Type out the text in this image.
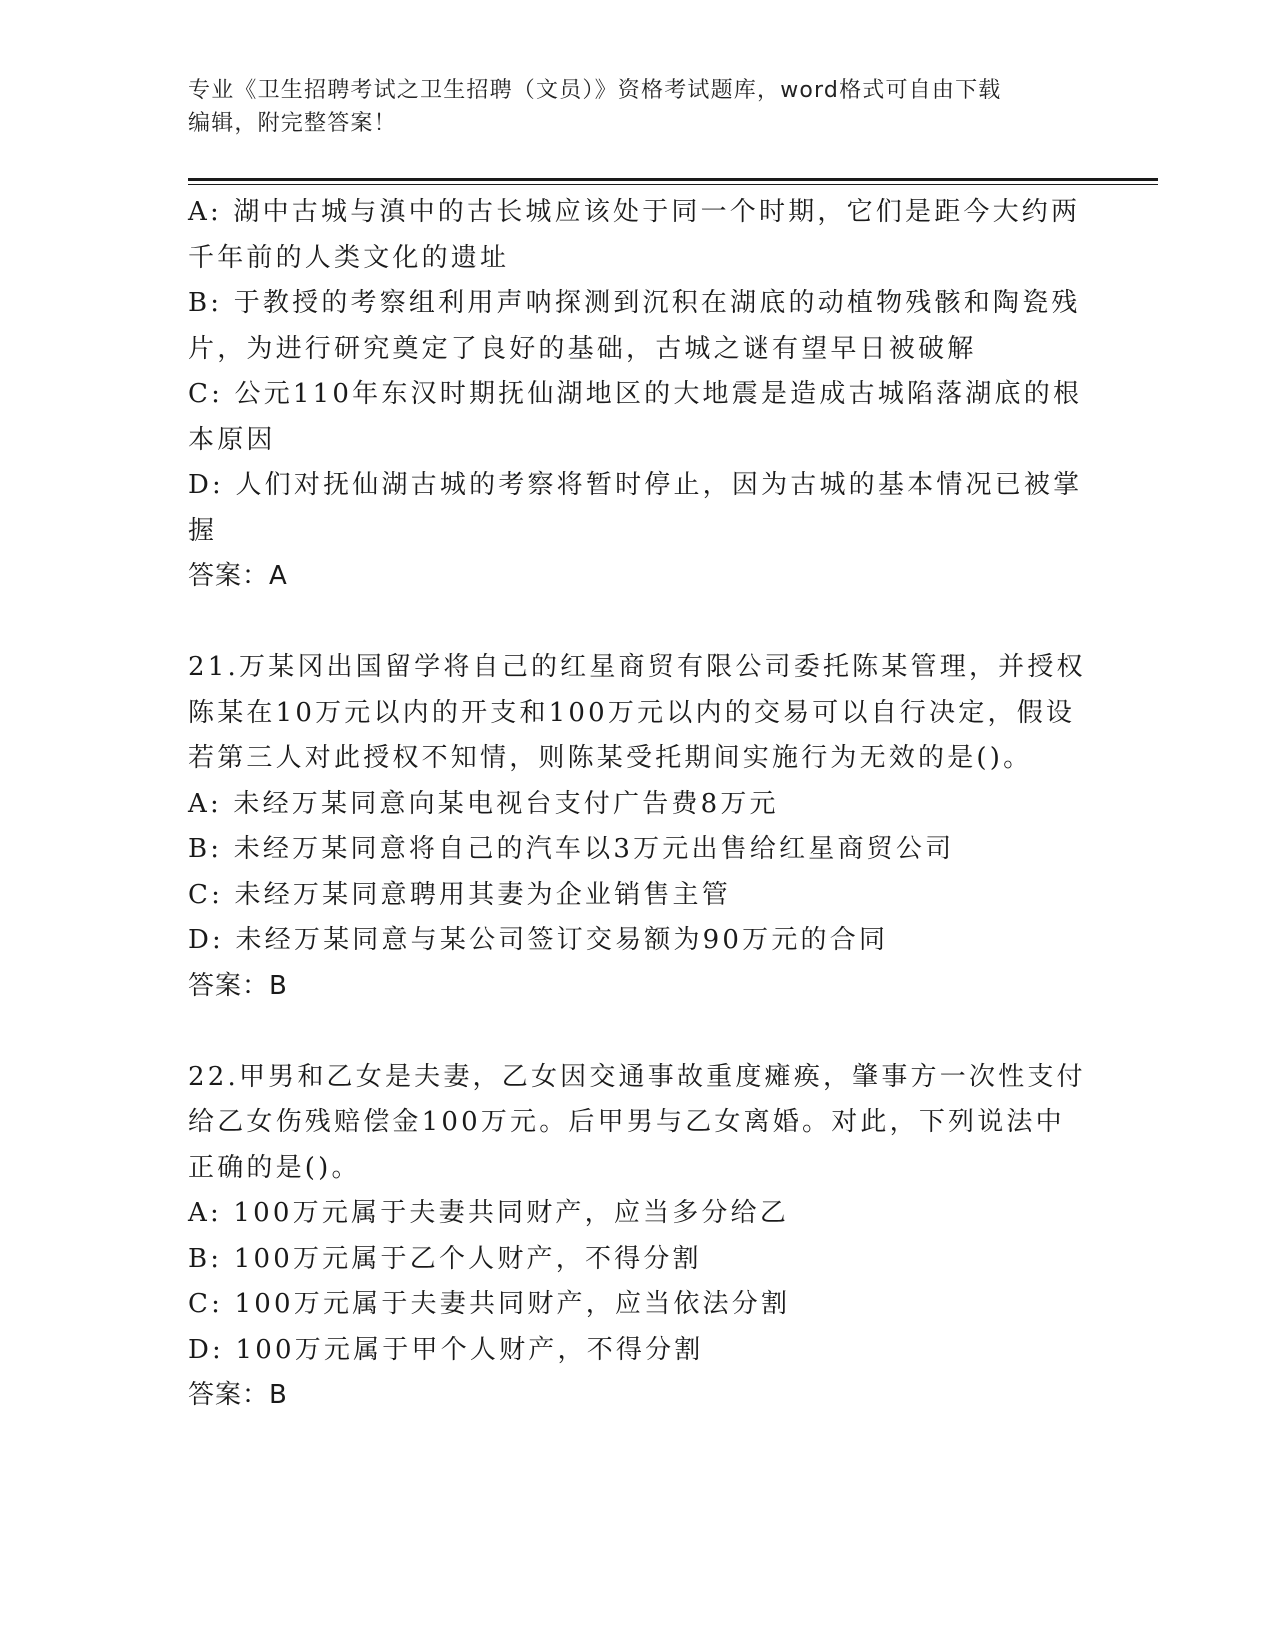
专业《卫生招聘考试之卫生招聘（文员）》资格考试题库，word格式可自由下载
编辑，附完整答案！
A: 湖中古城与滇中的古长城应该处于同一个时期，它们是距今大约两
千年前的人类文化的遗址
B: 于教授的考察组利用声呐探测到沉积在湖底的动植物残骸和陶瓷残
片，为进行研究奠定了良好的基础，古城之谜有望早日被破解
C: 公元110年东汉时期抚仙湖地区的大地震是造成古城陷落湖底的根
本原因
D: 人们对抚仙湖古城的考察将暂时停止，因为古城的基本情况已被掌
握
答案：A
21.万某冈出国留学将自己的红星商贸有限公司委托陈某管理，并授权
陈某在10万元以内的开支和100万元以内的交易可以自行决定，假设
若第三人对此授权不知情，则陈某受托期间实施行为无效的是()。
A: 未经万某同意向某电视台支付广告费8万元
B: 未经万某同意将自己的汽车以3万元出售给红星商贸公司
C: 未经万某同意聘用其妻为企业销售主管
D: 未经万某同意与某公司签订交易额为90万元的合同
答案：B
22.甲男和乙女是夫妻，乙女因交通事故重度瘫痪，肇事方一次性支付
给乙女伤残赔偿金100万元。后甲男与乙女离婚。对此，下列说法中
正确的是()。
A: 100万元属于夫妻共同财产，应当多分给乙
B: 100万元属于乙个人财产，不得分割
C: 100万元属于夫妻共同财产，应当依法分割
D: 100万元属于甲个人财产，不得分割
答案：B
